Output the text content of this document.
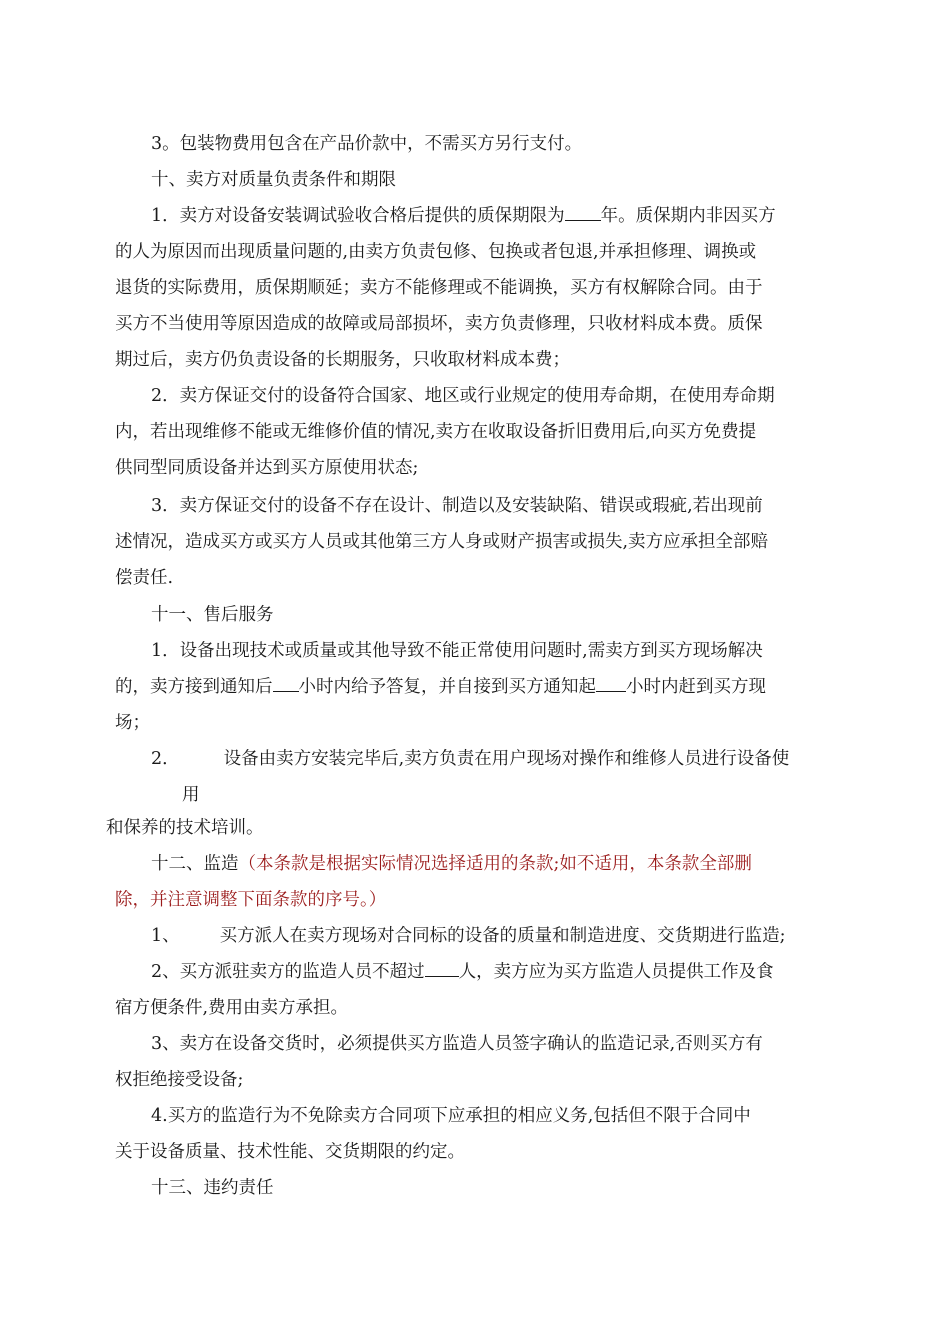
3。包装物费用包含在产品价款中，不需买方另行支付。
十、卖方对质量负责条件和期限
1．卖方对设备安装调试验收合格后提供的质保期限为 年。质保期内非因买方
的人为原因而出现质量问题的,由卖方负责包修、包换或者包退,并承担修理、调换或
退货的实际费用，质保期顺延；卖方不能修理或不能调换，买方有权解除合同。由于
买方不当使用等原因造成的故障或局部损坏，卖方负责修理，只收材料成本费。质保
期过后，卖方仍负责设备的长期服务，只收取材料成本费；
2．卖方保证交付的设备符合国家、地区或行业规定的使用寿命期，在使用寿命期
内，若出现维修不能或无维修价值的情况,卖方在收取设备折旧费用后,向买方免费提
供同型同质设备并达到买方原使用状态;
3．卖方保证交付的设备不存在设计、制造以及安装缺陷、错误或瑕疵,若出现前
述情况，造成买方或买方人员或其他第三方人身或财产损害或损失,卖方应承担全部赔
偿责任.
十一、售后服务
1．设备出现技术或质量或其他导致不能正常使用问题时,需卖方到买方现场解决
的，卖方接到通知后 小时内给予答复，并自接到买方通知起 小时内赶到买方现
场；
2．	设备由卖方安装完毕后,卖方负责在用户现场对操作和维修人员进行设备使
用
和保养的技术培训。
十二、监造（本条款是根据实际情况选择适用的条款;如不适用，本条款全部删
除，并注意调整下面条款的序号。）
1、 买方派人在卖方现场对合同标的设备的质量和制造进度、交货期进行监造;
2、买方派驻卖方的监造人员不超过 人，卖方应为买方监造人员提供工作及食
宿方便条件,费用由卖方承担。
3、卖方在设备交货时，必须提供买方监造人员签字确认的监造记录,否则买方有
权拒绝接受设备;
4.买方的监造行为不免除卖方合同项下应承担的相应义务,包括但不限于合同中
关于设备质量、技术性能、交货期限的约定。
十三、违约责任
